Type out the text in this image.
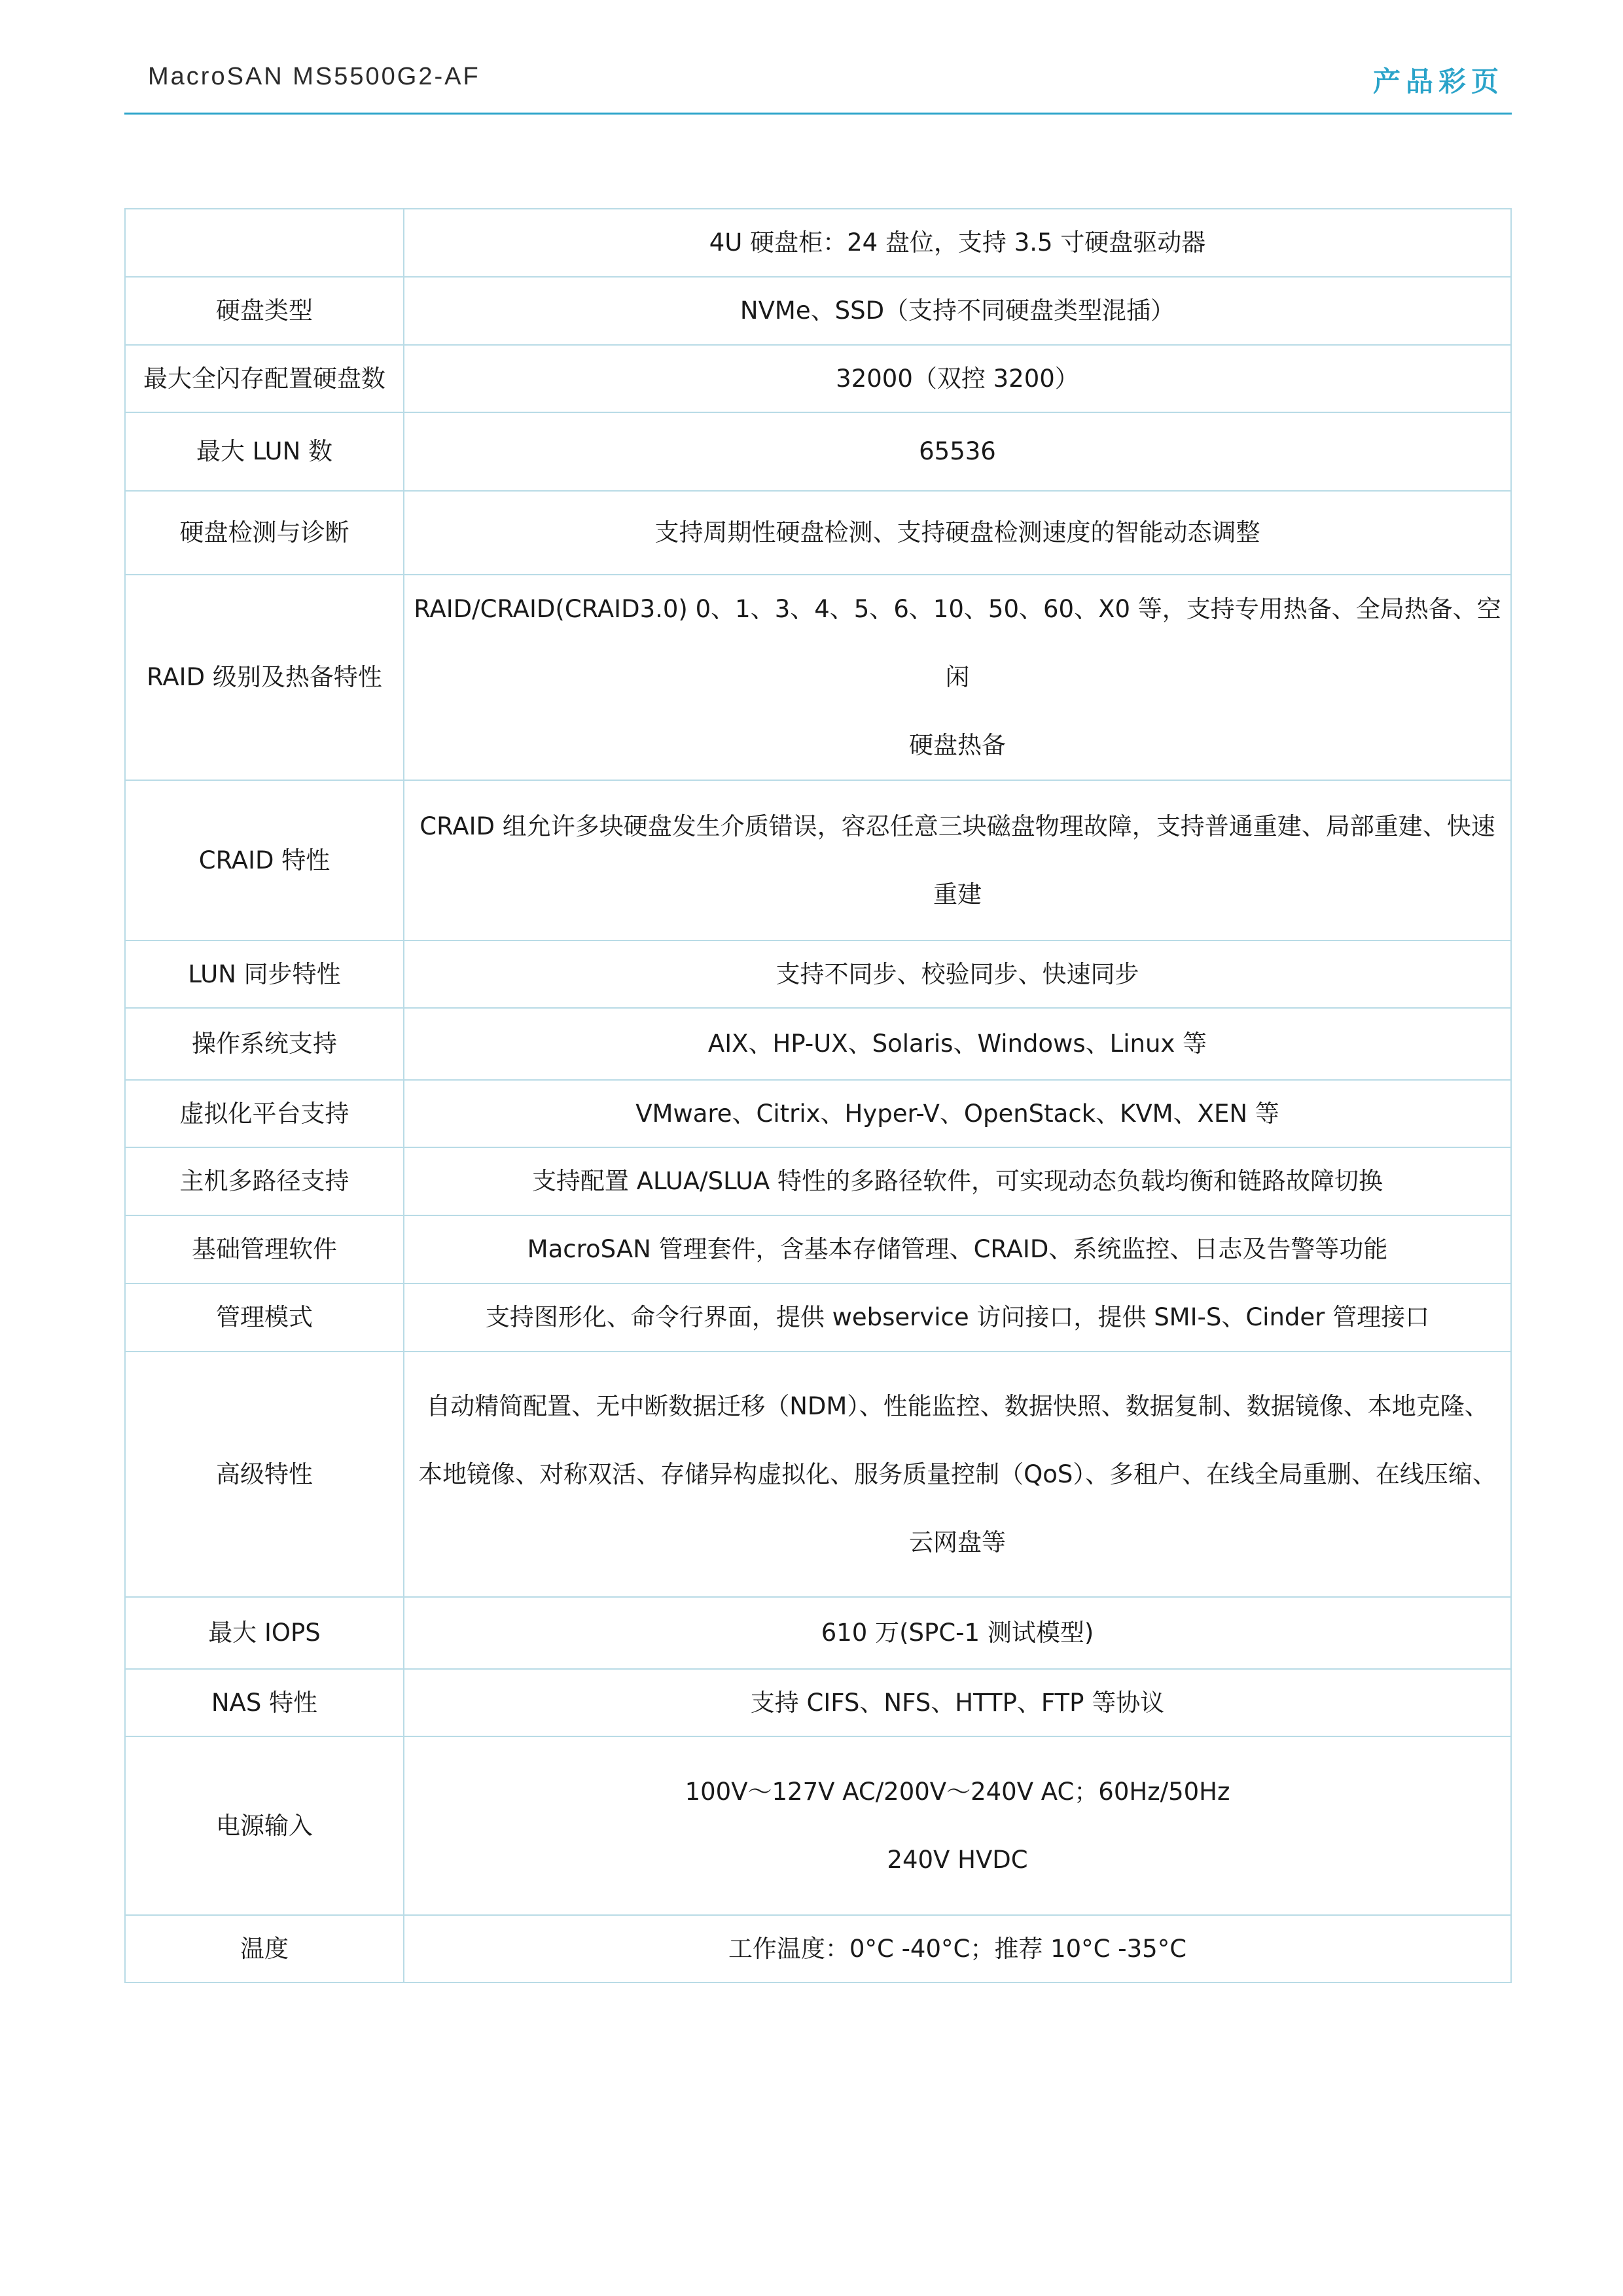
MacroSAN MS5500G2-AF	产品彩页

	4U 硬盘柜：24 盘位，支持 3.5 寸硬盘驱动器

硬盘类型	NVMe、SSD（支持不同硬盘类型混插）

最大全闪存配置硬盘数	32000（双控 3200）

最大 LUN 数	65536

硬盘检测与诊断	支持周期性硬盘检测、支持硬盘检测速度的智能动态调整

RAID 级别及热备特性	RAID/CRAID(CRAID3.0) 0、1、3、4、5、6、10、50、60、X0 等，支持专用热备、全局热备、空闲
硬盘热备

CRAID 特性	CRAID 组允许多块硬盘发生介质错误，容忍任意三块磁盘物理故障，支持普通重建、局部重建、快速
重建

LUN 同步特性	支持不同步、校验同步、快速同步

操作系统支持	AIX、HP-UX、Solaris、Windows、Linux 等

虚拟化平台支持	VMware、Citrix、Hyper-V、OpenStack、KVM、XEN 等

主机多路径支持	支持配置 ALUA/SLUA 特性的多路径软件，可实现动态负载均衡和链路故障切换

基础管理软件	MacroSAN 管理套件，含基本存储管理、CRAID、系统监控、日志及告警等功能

管理模式	支持图形化、命令行界面，提供 webservice 访问接口，提供 SMI-S、Cinder 管理接口

高级特性	自动精简配置、无中断数据迁移（NDM）、性能监控、数据快照、数据复制、数据镜像、本地克隆、
本地镜像、对称双活、存储异构虚拟化、服务质量控制（QoS）、多租户、在线全局重删、在线压缩、
云网盘等

最大 IOPS	610 万(SPC-1 测试模型)

NAS 特性	支持 CIFS、NFS、HTTP、FTP 等协议

电源输入	100V～127V AC/200V～240V AC；60Hz/50Hz
240V HVDC

温度	工作温度：0°C -40°C；推荐 10°C -35°C
